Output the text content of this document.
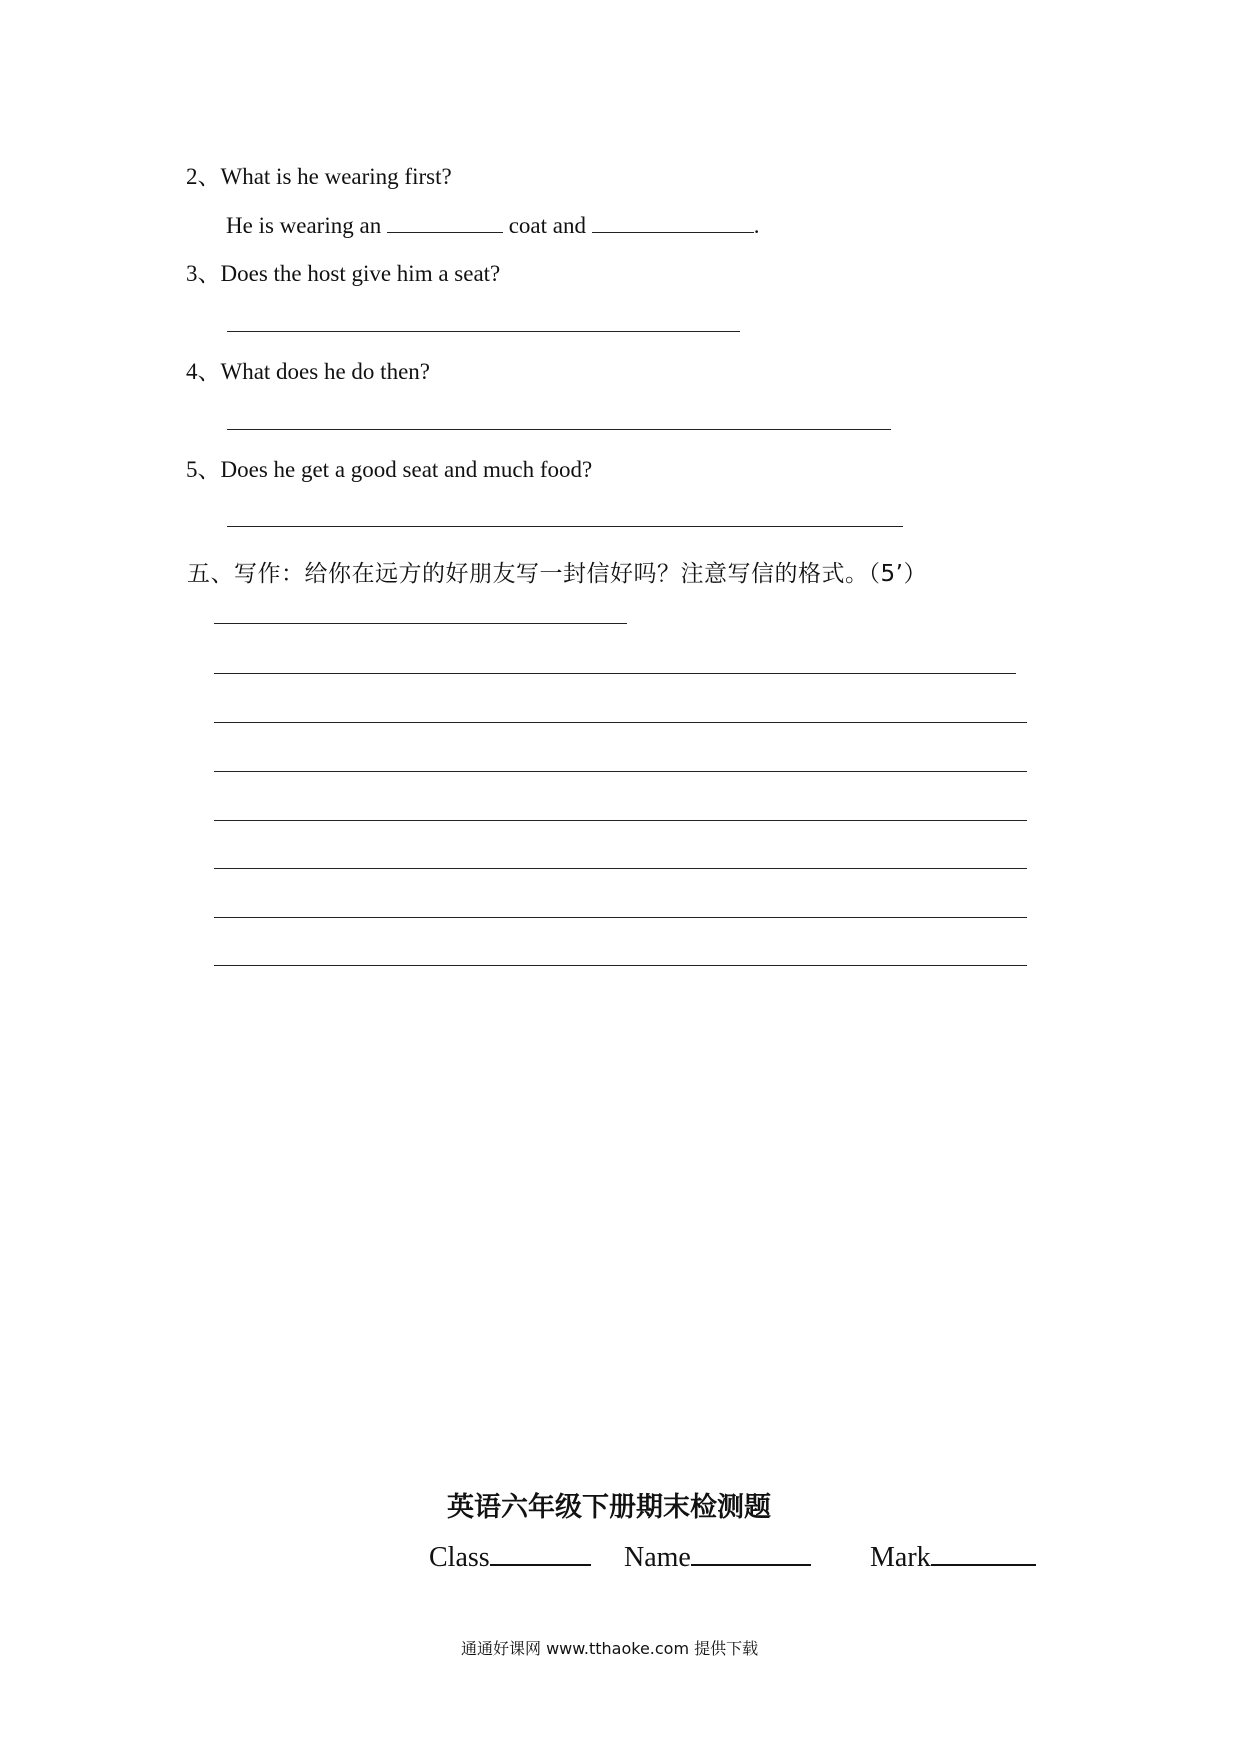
2、What is he wearing first?
He is wearing an	coat and	.
3、Does the host give him a seat?
4、What does he do then?
5、Does he get a good seat and much food?
五、写作：给你在远方的好朋友写一封信好吗？注意写信的格式。（5’）
英语六年级下册期末检测题
Class	Name	Mark
通通好课网 www.tthaoke.com 提供下载
